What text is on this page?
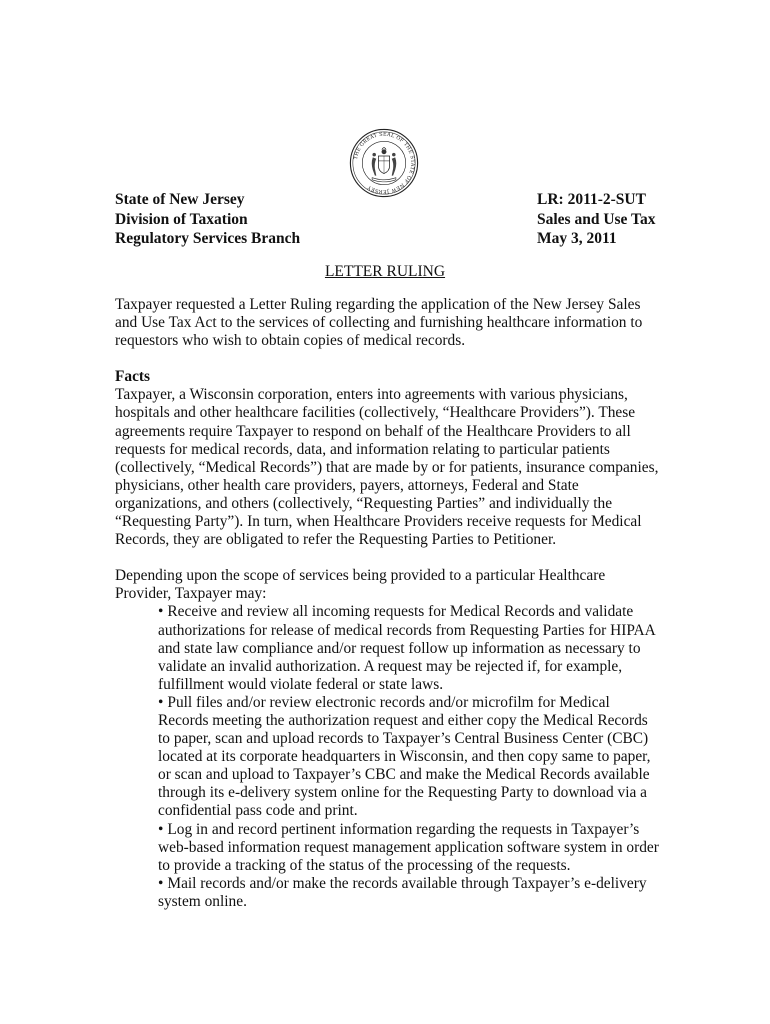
THE GREAT SEAL OF THE STATE OF NEW JERSEY
State of New Jersey
Division of Taxation
Regulatory Services Branch
LR: 2011-2-SUT
Sales and Use Tax
May 3, 2011
LETTER RULING

Taxpayer requested a Letter Ruling regarding the application of the New Jersey Sales and Use Tax Act to the services of collecting and furnishing healthcare information to requestors who wish to obtain copies of medical records.

Facts

Taxpayer, a Wisconsin corporation, enters into agreements with various physicians, hospitals and other healthcare facilities (collectively, “Healthcare Providers”). These agreements require Taxpayer to respond on behalf of the Healthcare Providers to all requests for medical records, data, and information relating to particular patients (collectively, “Medical Records”) that are made by or for patients, insurance companies, physicians, other health care providers, payers, attorneys, Federal and State organizations, and others (collectively, “Requesting Parties” and individually the “Requesting Party”). In turn, when Healthcare Providers receive requests for Medical Records, they are obligated to refer the Requesting Parties to Petitioner.

Depending upon the scope of services being provided to a particular Healthcare Provider, Taxpayer may:

• Receive and review all incoming requests for Medical Records and validate authorizations for release of medical records from Requesting Parties for HIPAA and state law compliance and/or request follow up information as necessary to validate an invalid authorization. A request may be rejected if, for example, fulfillment would violate federal or state laws.
• Pull files and/or review electronic records and/or microfilm for Medical Records meeting the authorization request and either copy the Medical Records to paper, scan and upload records to Taxpayer’s Central Business Center (CBC) located at its corporate headquarters in Wisconsin, and then copy same to paper, or scan and upload to Taxpayer’s CBC and make the Medical Records available through its e-delivery system online for the Requesting Party to download via a confidential pass code and print.
• Log in and record pertinent information regarding the requests in Taxpayer’s web-based information request management application software system in order to provide a tracking of the status of the processing of the requests.
• Mail records and/or make the records available through Taxpayer’s e-delivery system online.
